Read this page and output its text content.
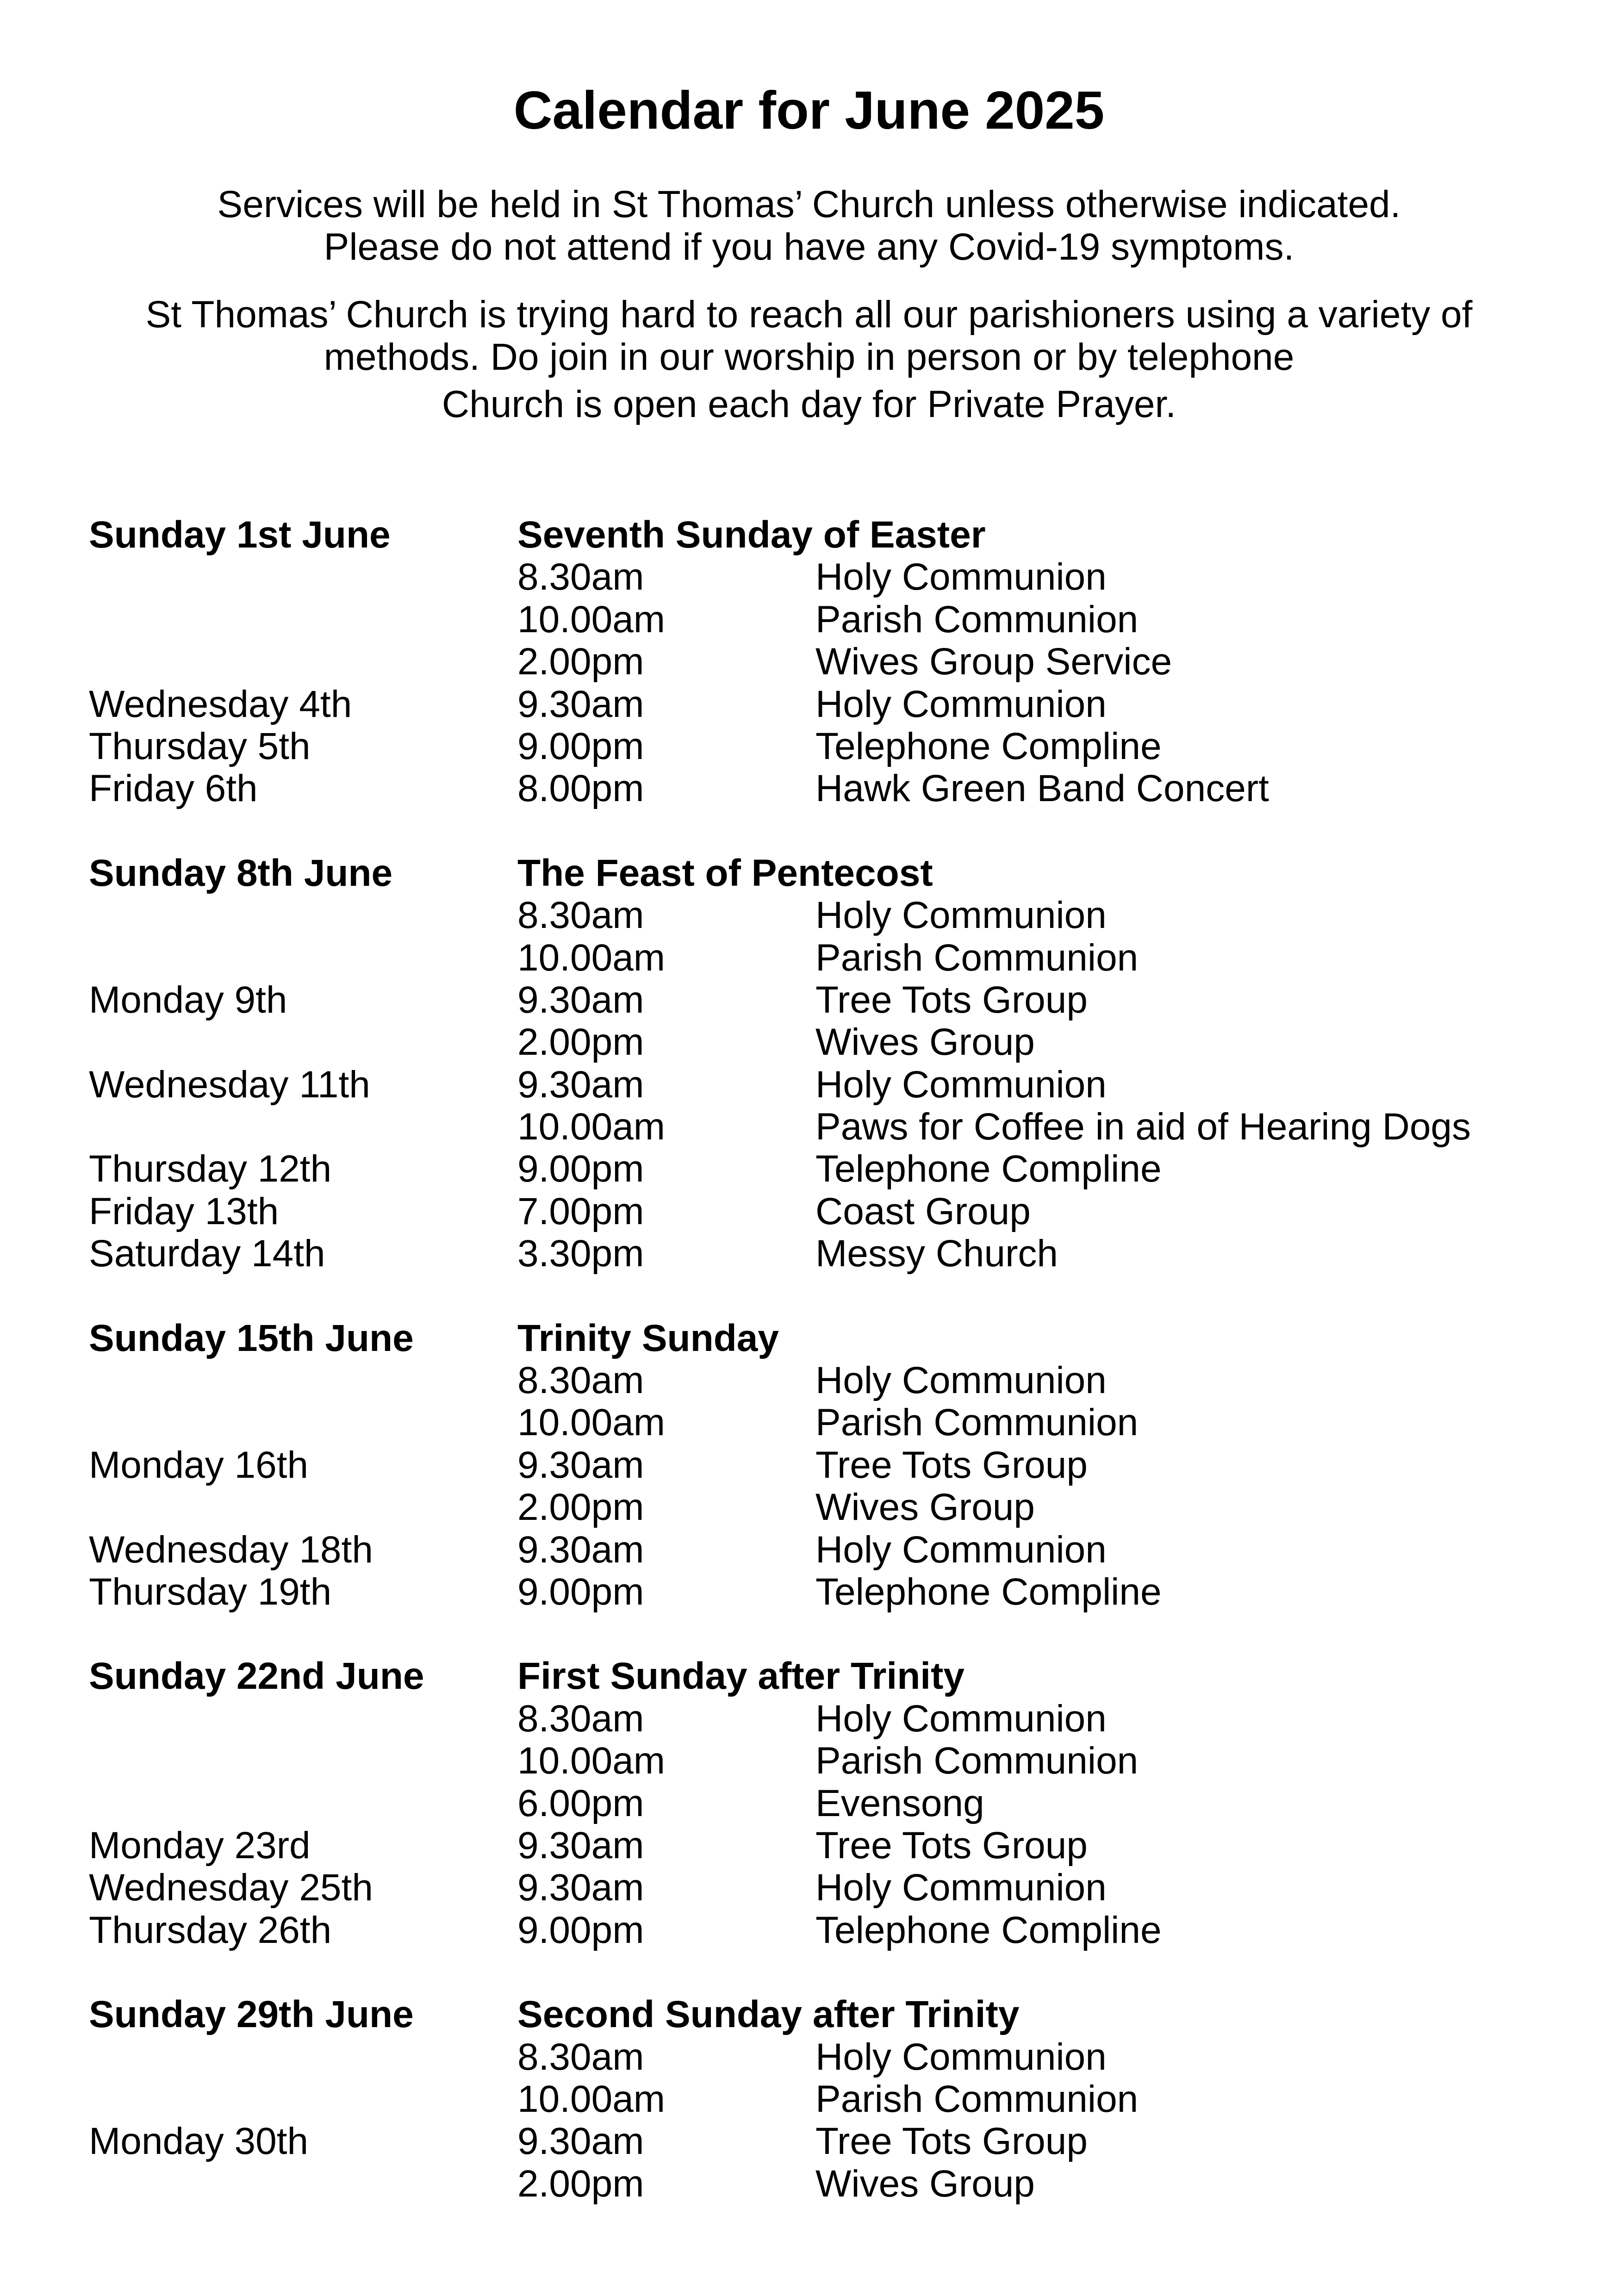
Calendar for June 2025
Services will be held in St Thomas’ Church unless otherwise indicated.
Please do not attend if you have any Covid-19 symptoms.
St Thomas’ Church is trying hard to reach all our parishioners using a variety of
methods. Do join in our worship in person or by telephone
Church is open each day for Private Prayer.
Sunday 1st June	Seventh Sunday of Easter
8.30am	Holy Communion
10.00am	Parish Communion
2.00pm	Wives Group Service
Wednesday 4th	9.30am	Holy Communion
Thursday 5th	9.00pm	Telephone Compline
Friday 6th	8.00pm	Hawk Green Band Concert
Sunday 8th June	The Feast of Pentecost
8.30am	Holy Communion
10.00am	Parish Communion
Monday 9th	9.30am	Tree Tots Group
2.00pm	Wives Group
Wednesday 11th	9.30am	Holy Communion
10.00am	Paws for Coffee in aid of Hearing Dogs
Thursday 12th	9.00pm	Telephone Compline
Friday 13th	7.00pm	Coast Group
Saturday 14th	3.30pm	Messy Church
Sunday 15th June	Trinity Sunday
8.30am	Holy Communion
10.00am	Parish Communion
Monday 16th	9.30am	Tree Tots Group
2.00pm	Wives Group
Wednesday 18th	9.30am	Holy Communion
Thursday 19th	9.00pm	Telephone Compline
Sunday 22nd June First Sunday after Trinity
8.30am	Holy Communion
10.00am	Parish Communion
6.00pm	Evensong
Monday 23rd	9.30am	Tree Tots Group
Wednesday 25th	9.30am	Holy Communion
Thursday 26th	9.00pm	Telephone Compline
Sunday 29th June	Second Sunday after Trinity
8.30am	Holy Communion
10.00am	Parish Communion
Monday 30th	9.30am	Tree Tots Group
2.00pm	Wives Group
